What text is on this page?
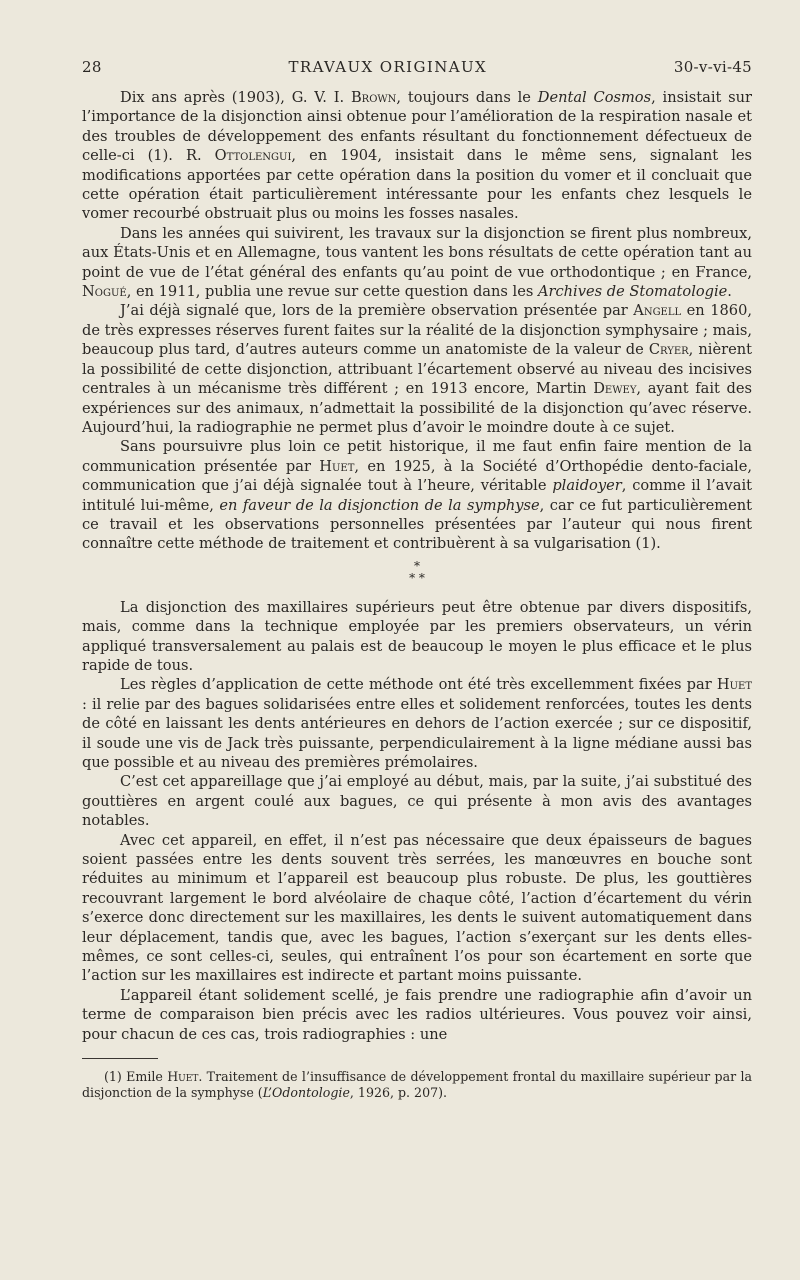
28	TRAVAUX ORIGINAUX	30-v-vi-45

Dix ans après (1903), G. V. I. Brown, toujours dans le Dental Cosmos, insistait sur l’importance de la disjonction ainsi obtenue pour l’amélioration de la respiration nasale et des troubles de développement des enfants résultant du fonctionnement défectueux de celle-ci (1). R. Ottolengui, en 1904, insistait dans le même sens, signalant les modifications apportées par cette opération dans la position du vomer et il concluait que cette opération était particulièrement intéressante pour les enfants chez lesquels le vomer recourbé obstruait plus ou moins les fosses nasales.

Dans les années qui suivirent, les travaux sur la disjonction se firent plus nombreux, aux États-Unis et en Allemagne, tous vantent les bons résultats de cette opération tant au point de vue de l’état général des enfants qu’au point de vue orthodontique ; en France, Nogué, en 1911, publia une revue sur cette question dans les Archives de Stomatologie.

J’ai déjà signalé que, lors de la première observation présentée par Angell en 1860, de très expresses réserves furent faites sur la réalité de la disjonction symphysaire ; mais, beaucoup plus tard, d’autres auteurs comme un anatomiste de la valeur de Cryer, nièrent la possibilité de cette disjonction, attribuant l’écartement observé au niveau des incisives centrales à un mécanisme très différent ; en 1913 encore, Martin Dewey, ayant fait des expériences sur des animaux, n’admettait la possibilité de la disjonction qu’avec réserve. Aujourd’hui, la radiographie ne permet plus d’avoir le moindre doute à ce sujet.

Sans poursuivre plus loin ce petit historique, il me faut enfin faire mention de la communication présentée par Huet, en 1925, à la Société d’Orthopédie dento-faciale, communication que j’ai déjà signalée tout à l’heure, véritable plaidoyer, comme il l’avait intitulé lui-même, en faveur de la disjonction de la symphyse, car ce fut particulièrement ce travail et les observations personnelles présentées par l’auteur qui nous firent connaître cette méthode de traitement et contribuèrent à sa vulgarisation (1).

*
* *

La disjonction des maxillaires supérieurs peut être obtenue par divers dispositifs, mais, comme dans la technique employée par les premiers observateurs, un vérin appliqué transversalement au palais est de beaucoup le moyen le plus efficace et le plus rapide de tous.

Les règles d’application de cette méthode ont été très excellemment fixées par Huet : il relie par des bagues solidarisées entre elles et solidement renforcées, toutes les dents de côté en laissant les dents antérieures en dehors de l’action exercée ; sur ce dispositif, il soude une vis de Jack très puissante, perpendiculairement à la ligne médiane aussi bas que possible et au niveau des premières prémolaires.

C’est cet appareillage que j’ai employé au début, mais, par la suite, j’ai substitué des gouttières en argent coulé aux bagues, ce qui présente à mon avis des avantages notables.

Avec cet appareil, en effet, il n’est pas nécessaire que deux épaisseurs de bagues soient passées entre les dents souvent très serrées, les manœuvres en bouche sont réduites au minimum et l’appareil est beaucoup plus robuste. De plus, les gouttières recouvrant largement le bord alvéolaire de chaque côté, l’action d’écartement du vérin s’exerce donc directement sur les maxillaires, les dents le suivent automatiquement dans leur déplacement, tandis que, avec les bagues, l’action s’exerçant sur les dents elles-mêmes, ce sont celles-ci, seules, qui entraînent l’os pour son écartement en sorte que l’action sur les maxillaires est indirecte et partant moins puissante.

L’appareil étant solidement scellé, je fais prendre une radiographie afin d’avoir un terme de comparaison bien précis avec les radios ultérieures. Vous pouvez voir ainsi, pour chacun de ces cas, trois radiographies : une

(1) Emile Huet. Traitement de l’insuffisance de développement frontal du maxillaire supérieur par la disjonction de la symphyse (L’Odontologie, 1926, p. 207).
